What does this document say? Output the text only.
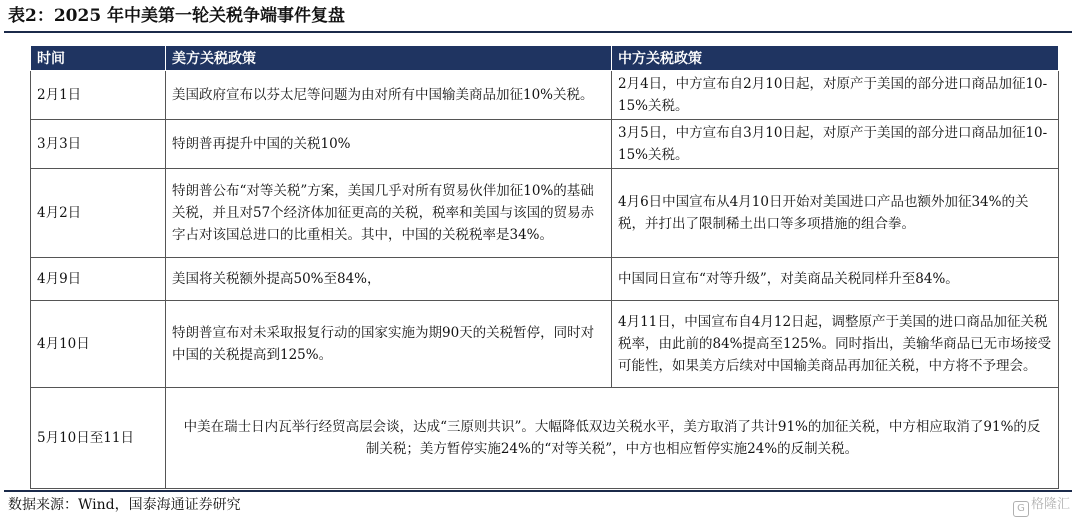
表2：2025 年中美第一轮关税争端事件复盘
时间	美方关税政策	中方关税政策
2月1日	美国政府宣布以芬太尼等问题为由对所有中国输美商品加征10%关税。	2月4日，中方宣布自2月10日起，对原产于美国的部分进口商品加征10-15%关税。
3月3日	特朗普再提升中国的关税10%	3月5日，中方宣布自3月10日起，对原产于美国的部分进口商品加征10-15%关税。
4月2日	特朗普公布“对等关税”方案，美国几乎对所有贸易伙伴加征10%的基础关税，并且对57个经济体加征更高的关税，税率和美国与该国的贸易赤字占对该国总进口的比重相关。其中，中国的关税税率是34%。	4月6日中国宣布从4月10日开始对美国进口产品也额外加征34%的关税，并打出了限制稀土出口等多项措施的组合拳。
4月9日	美国将关税额外提高50%至84%，	中国同日宣布“对等升级”，对美商品关税同样升至84%。
4月10日	特朗普宣布对未采取报复行动的国家实施为期90天的关税暂停，同时对中国的关税提高到125%。	4月11日，中国宣布自4月12日起，调整原产于美国的进口商品加征关税税率，由此前的84%提高至125%。同时指出，美输华商品已无市场接受可能性，如果美方后续对中国输美商品再加征关税，中方将不予理会。
5月10日至11日	中美在瑞士日内瓦举行经贸高层会谈，达成“三原则共识”。大幅降低双边关税水平，美方取消了共计91%的加征关税，中方相应取消了91%的反制关税；美方暂停实施24%的“对等关税”，中方也相应暂停实施24%的反制关税。	
数据来源：Wind，国泰海通证券研究	G 格隆汇
